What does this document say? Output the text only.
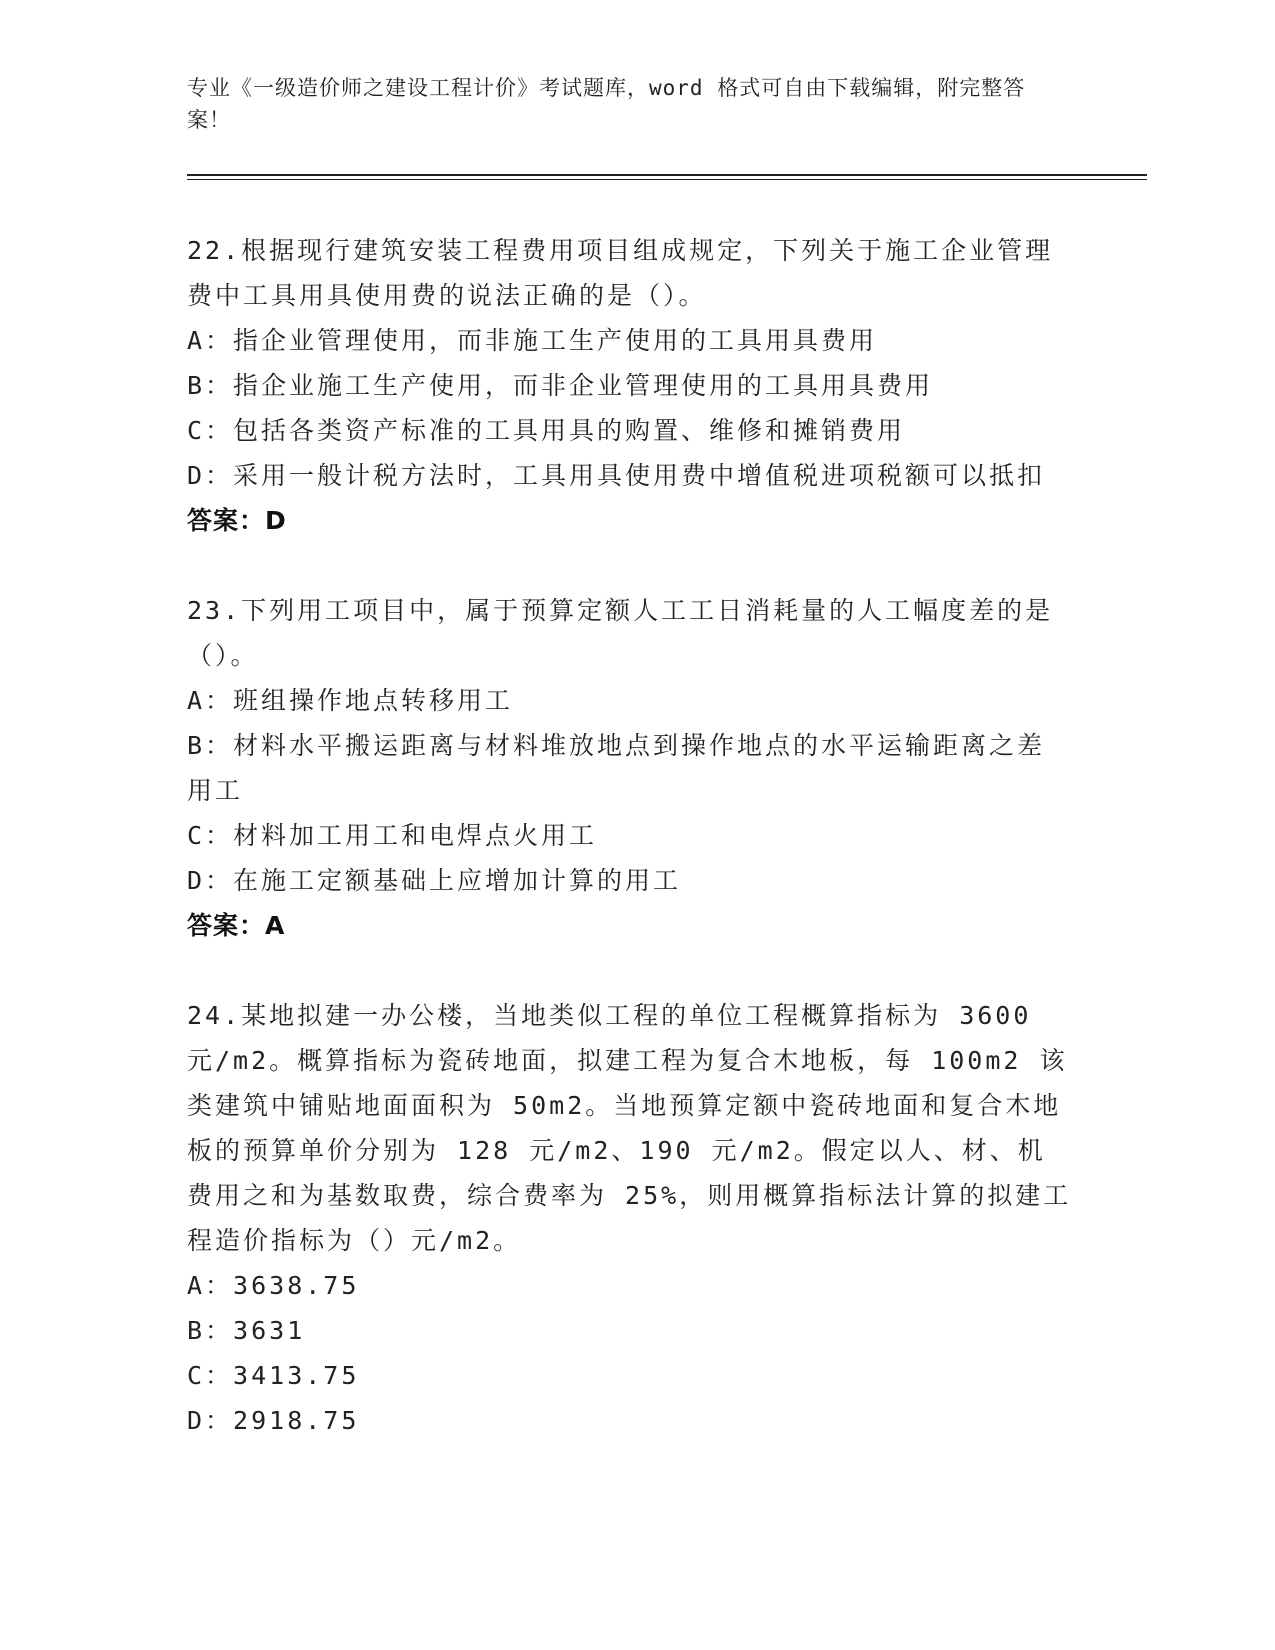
专业《一级造价师之建设工程计价》考试题库，word 格式可自由下载编辑，附完整答案！

22.根据现行建筑安装工程费用项目组成规定，下列关于施工企业管理费中工具用具使用费的说法正确的是（）。

A：指企业管理使用，而非施工生产使用的工具用具费用

B：指企业施工生产使用，而非企业管理使用的工具用具费用

C：包括各类资产标准的工具用具的购置、维修和摊销费用

D：采用一般计税方法时，工具用具使用费中增值税进项税额可以抵扣

答案：D

23.下列用工项目中，属于预算定额人工工日消耗量的人工幅度差的是（）。

A：班组操作地点转移用工

B：材料水平搬运距离与材料堆放地点到操作地点的水平运输距离之差用工

C：材料加工用工和电焊点火用工

D：在施工定额基础上应增加计算的用工

答案：A

24.某地拟建一办公楼，当地类似工程的单位工程概算指标为 3600 元/m2。概算指标为瓷砖地面，拟建工程为复合木地板，每 100m2 该类建筑中铺贴地面面积为 50m2。当地预算定额中瓷砖地面和复合木地板的预算单价分别为 128 元/m2、190 元/m2。假定以人、材、机费用之和为基数取费，综合费率为 25%，则用概算指标法计算的拟建工程造价指标为（）元/m2。

A：3638.75

B：3631

C：3413.75

D：2918.75
